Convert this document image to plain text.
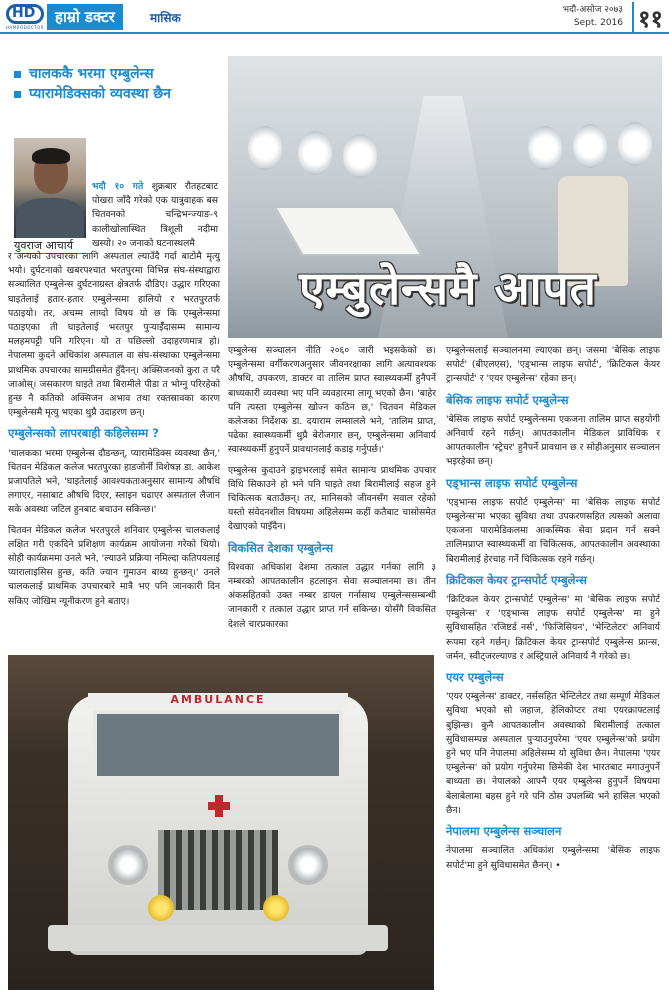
HD
HAMRODOCTOR
हाम्रो डक्टर	मासिक
भदौ-असोज २०७३
Sept. 2016 ११
चालककै भरमा एम्बुलेन्स
प्यारामेडिक्सको व्यवस्था छैन
युवराज आचार्य
एम्बुलेन्समै आपत

भदौ १० गते शुक्रबार रौतहटबाट पोखरा जाँदै गरेको एक यात्रुवाहक बस चितवनको चन्द्रिभन्ज्याङ-९ कालीखोलास्थित त्रिशूली नदीमा खस्यो। २० जनाको घटनास्थलमै

र अन्यको उपचारका लागि अस्पताल ल्याउँदै गर्दा बाटोमै मृत्यु भयो। दुर्घटनाको खबरपश्चात भरतपुरमा विभिन्न संघ-संस्थाद्वारा सञ्चालित एम्बुलेन्स दुर्घटनाग्रस्त क्षेत्रतर्फ दौडिए। उद्धार गरिएका घाइतेलाई हतार-हतार एम्बुलेन्समा हालियो र भरतपुरतर्फ पठाइयो। तर, अचम्म लाग्दो विषय यो छ कि एम्बुलेन्समा पठाइएका ती घाइतेलाई भरतपुर पुऱ्याईँदासम्म सामान्य मलहमपट्टी पनि गरिएन। यो त पछिल्लो उदाहरणमात्र हो। नेपालमा कुदने अधिकांश अस्पताल वा संघ-संस्थाका एम्बुलेन्समा प्राथमिक उपचारका सामग्रीसमेत हुँदैनन्। अक्सिजनको कुरा त परै जाओस्। जसकारण घाइते तथा बिरामीले पीडा त भोग्नु परिरहेको हुन्छ नै कतिको अक्सिजन अभाव तथा रक्तस्रावका कारण एम्बुलेन्समै मृत्यु भएका थुप्रै उदाहरण छन्।

एम्बुलेन्सको लापरबाही कहिलेसम्म ?

'चालकका भरमा एम्बुलेन्स दौडन्छन्, प्यारामेडिक्स व्यवस्था छैन,' चितवन मेडिकल कलेज भरतपुरका हाडजोर्नी विशेषज्ञ डा. आकेश प्रजापतिले भने, 'घाइतेलाई आवश्यकताअनुसार सामान्य औषधि लगाएर, नसाबाट औषधि दिएर, स्लाइन चढाएर अस्पताल लैजान सके अवस्था जटिल हुनबाट बचाउन सकिन्छ।'

चितवन मेडिकल कलेज भरतपुरले शनिवार एम्बुलेन्स चालकलाई लक्षित गरी एकदिने प्रशिक्षण कार्यक्रम आयोजना गरेको थियो। सोही कार्यक्रममा उनले भने, 'ल्याउने प्रक्रिया नमिल्दा कतिपयलाई प्यारालाइसिस हुन्छ, कति ज्यान गुमाउन बाध्य हुन्छन्।' उनले चालकलाई प्राथमिक उपचारबारे मात्रै भए पनि जानकारी दिन सकिए जोखिम न्यूनीकरण हुने बताए।

एम्बुलेन्स सञ्चालन नीति २०६० जारी भइसकेको छ। एम्बुलेन्समा वर्गीकरणअनुसार जीवनरक्षाका लागि अत्यावश्यक औषधि, उपकरण, डाक्टर वा तालिम प्राप्त स्वास्थ्यकर्मी हुनैपर्ने बाध्यकारी व्यवस्था भए पनि व्यवहारमा लागू भएको छैन। 'बाहेर पनि त्यस्ता एम्बुलेन्स खोज्न कठिन छ,' चितवन मेडिकल कलेजका निर्देशक डा. दयाराम लम्सालले भने, 'तालिम प्राप्त, पढेका स्वास्थ्यकर्मी थुप्रै बेरोजगार छन्, एम्बुलेन्समा अनिवार्य स्वास्थ्यकर्मी हुनुपर्ने प्रावधानलाई कडाइ गर्नुपर्छ।'

एम्बुलेन्स कुदाउने ड्राइभरलाई समेत सामान्य प्राथमिक उपचार विधि सिकाउने हो भने पनि घाइते तथा बिरामीलाई सहज हुने चिकित्सक बताउँछन्। तर, मानिसको जीवनसँग सवाल रहेको यस्तो संवेदनशील विषयमा अहिलेसम्म कहीं कतैबाट चासोसमेत देखाएको पाइँदैन।

विकसित देशका एम्बुलेन्स

विश्वका अधिकांश देशमा तत्काल उद्धार गर्नका लागि ३ नम्बरको आपतकालीन हटलाइन सेवा सञ्चालनमा छ। तीन अंकसहितको उक्त नम्बर डायल गर्नासाथ एम्बुलेन्ससम्बन्धी जानकारी र तत्काल उद्धार प्राप्त गर्न सकिन्छ। योसँगै विकसित देशले चारप्रकारका

एम्बुलेन्सलाई सञ्चालनमा ल्याएका छन्। जसमा 'बेसिक लाइफ सपोर्ट' (बीएलएस), 'एड्भान्स लाइफ सपोर्ट', 'क्रिटिकल केयर ट्रान्सपोर्ट' र 'एयर एम्बुलेन्स' रहेका छन्।

बेसिक लाइफ सपोर्ट एम्बुलेन्स

'बेसिक लाइफ सपोर्ट एम्बुलेन्समा एकजना तालिम प्राप्त सहयोगी अनिवार्य रहने गर्छन्। आपतकालीन मेडिकल प्राविधिक र आपतकालीन 'स्ट्रेचर' हुनैपर्ने प्रावधान छ र सोहीअनुसार सञ्चालन भइरहेका छन्।

एड्भान्स लाइफ सपोर्ट एम्बुलेन्स

'एड्भान्स लाइफ सपोर्ट एम्बुलेन्स' मा 'बेसिक लाइफ सपोर्ट एम्बुलेन्स'मा भएका सुविधा तथा उपकरणसहित त्यसको अलावा एकजना पारामेडिकलमा आकस्मिक सेवा प्रदान गर्न सक्ने तालिमप्राप्त स्वास्थ्यकर्मी वा चिकित्सक, आपतकालीन अवस्थाका बिरामीलाई हेरचाह गर्ने चिकित्सक रहने गर्छन्।

क्रिटिकल केयर ट्रान्सपोर्ट एम्बुलेन्स

'क्रिटिकल केयर ट्रान्सपोर्ट एम्बुलेन्स' मा 'बेसिक लाइफ सपोर्ट एम्बुलेन्स' र 'एड्भान्स लाइफ सपोर्ट एम्बुलेन्स' मा हुने सुविधासहित 'रजिष्टर्ड नर्स', 'फिजिसियन', 'भेन्टिलेटर' अनिवार्य रूपमा रहने गर्छन्। क्रिटिकल केयर ट्रान्सपोर्ट एम्बुलेन्स फ्रान्स, जर्मन, स्वीट्जरल्याण्ड र अस्ट्रियाले अनिवार्य नै गरेको छ।

एयर एम्बुलेन्स

'एयर एम्बुलेन्स' डाक्टर, नर्ससहित भेन्टिलेटर तथा सम्पूर्ण मेडिकल सुविधा भएको सो जहाज, हेलिकोप्टर तथा एयरक्राफ्टलाई बुझिन्छ। कुनै आपतकालीन अवस्थाको बिरामीलाई तत्काल सुविधासम्पन्न अस्पताल पुऱ्याउनुपरेमा 'एयर एम्बुलेन्स'को प्रयोग हुने भए पनि नेपालमा अहिलेसम्म यो सुविधा छैन। नेपालमा 'एयर एम्बुलेन्स' को प्रयोग गर्नुपरेमा छिमेकी देश भारतबाट मगाउनुपर्ने बाध्यता छ। नेपालको आफ्नै एयर एम्बुलेन्स हुनुपर्ने विषयमा बेलाबेलामा बहस हुने गरे पनि ठोस उपलब्धि भने हासिल भएको छैन।

नेपालमा एम्बुलेन्स सञ्चालन

नेपालमा सञ्चालित अधिकांश एम्बुलेन्समा 'बेसिक लाइफ सपोर्ट'मा हुने सुविधासमेत छैनन्। •

AMBULANCE
